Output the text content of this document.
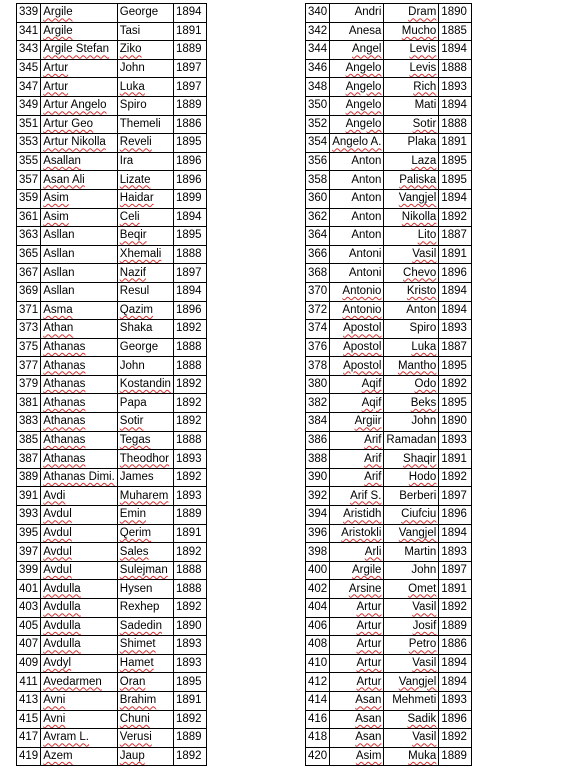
339	Argile	George	1894
341	Argile	Tasi	1891
343	Argile Stefan	Ziko	1889
345	Artur	John	1897
347	Artur	Luka	1897
349	Artur Angelo	Spiro	1889
351	Artur Geo	Themeli	1886
353	Artur Nikolla	Reveli	1895
355	Asallan	Ira	1896
357	Asan Ali	Lizate	1896
359	Asim	Haidar	1899
361	Asim	Celi	1894
363	Asllan	Beqir	1895
365	Asllan	Xhemali	1888
367	Asllan	Nazif	1897
369	Asllan	Resul	1894
371	Asma	Qazim	1896
373	Athan	Shaka	1892
375	Athanas	George	1888
377	Athanas	John	1888
379	Athanas	Kostandin	1892
381	Athanas	Papa	1892
383	Athanas	Sotir	1892
385	Athanas	Tegas	1888
387	Athanas	Theodhor	1893
389	Athanas Dimi.	James	1892
391	Avdi	Muharem	1893
393	Avdul	Emin	1889
395	Avdul	Qerim	1891
397	Avdul	Sales	1892
399	Avdul	Sulejman	1888
401	Avdulla	Hysen	1888
403	Avdulla	Rexhep	1892
405	Avdulla	Sadedin	1890
407	Avdulla	Shimet	1893
409	Avdyl	Hamet	1893
411	Avedarmen	Oran	1895
413	Avni	Brahim	1891
415	Avni	Chuni	1892
417	Avram L.	Verusi	1889
419	Azem	Jaup	1892
340	Andri	Dram	1890
342	Anesa	Mucho	1885
344	Angel	Levis	1894
346	Angelo	Levis	1888
348	Angelo	Rich	1893
350	Angelo	Mati	1894
352	Angelo	Sotir	1888
354	Angelo A.	Plaka	1891
356	Anton	Laza	1895
358	Anton	Paliska	1895
360	Anton	Vangjel	1894
362	Anton	Nikolla	1892
364	Anton	Lito	1887
366	Antoni	Vasil	1891
368	Antoni	Chevo	1896
370	Antonio	Kristo	1894
372	Antonio	Anton	1894
374	Apostol	Spiro	1893
376	Apostol	Luka	1887
378	Apostol	Mantho	1895
380	Aqif	Odo	1892
382	Aqif	Beks	1895
384	Argiir	John	1890
386	Arif	Ramadan	1893
388	Arif	Shaqir	1891
390	Arif	Hodo	1892
392	Arif S.	Berberi	1897
394	Aristidh	Ciufciu	1896
396	Aristokli	Vangjel	1894
398	Arli	Martin	1893
400	Argile	John	1897
402	Arsine	Omet	1891
404	Artur	Vasil	1892
406	Artur	Josif	1889
408	Artur	Petro	1886
410	Artur	Vasil	1894
412	Artur	Vangjel	1894
414	Asan	Mehmeti	1893
416	Asan	Sadik	1896
418	Asan	Vasil	1892
420	Asim	Muka	1889
